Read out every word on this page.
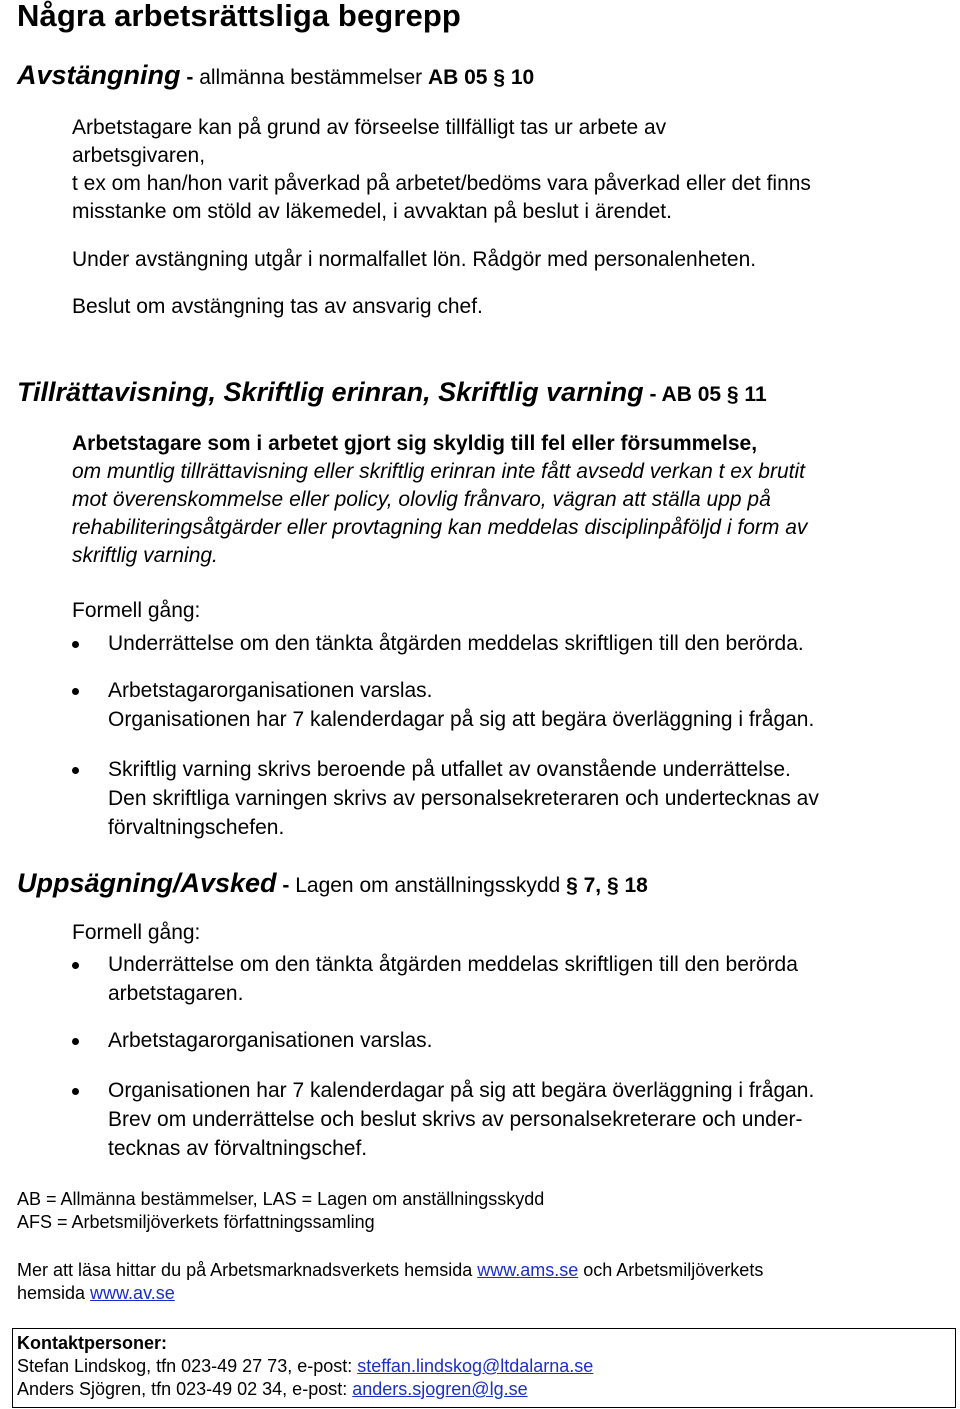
Några arbetsrättsliga begrepp
Avstängning - allmänna bestämmelser AB 05 § 10
Arbetstagare kan på grund av förseelse tillfälligt tas ur arbete av
arbetsgivaren,
t ex om han/hon varit påverkad på arbetet/bedöms vara påverkad eller det finns
misstanke om stöld av läkemedel, i avvaktan på beslut i ärendet.
Under avstängning utgår i normalfallet lön. Rådgör med personalenheten.
Beslut om avstängning tas av ansvarig chef.
Tillrättavisning, Skriftlig erinran, Skriftlig varning - AB 05 § 11
Arbetstagare som i arbetet gjort sig skyldig till fel eller försummelse,
om muntlig tillrättavisning eller skriftlig erinran inte fått avsedd verkan t ex brutit
mot överenskommelse eller policy, olovlig frånvaro, vägran att ställa upp på
rehabiliteringsåtgärder eller provtagning kan meddelas disciplinpåföljd i form av
skriftlig varning.
Formell gång:
Underrättelse om den tänkta åtgärden meddelas skriftligen till den berörda.
Arbetstagarorganisationen varslas.
Organisationen har 7 kalenderdagar på sig att begära överläggning i frågan.
Skriftlig varning skrivs beroende på utfallet av ovanstående underrättelse.
Den skriftliga varningen skrivs av personalsekreteraren och undertecknas av
förvaltningschefen.
Uppsägning/Avsked - Lagen om anställningsskydd § 7, § 18
Formell gång:
Underrättelse om den tänkta åtgärden meddelas skriftligen till den berörda
arbetstagaren.
Arbetstagarorganisationen varslas.
Organisationen har 7 kalenderdagar på sig att begära överläggning i frågan.
Brev om underrättelse och beslut skrivs av personalsekreterare och under-
tecknas av förvaltningschef.
AB = Allmänna bestämmelser, LAS = Lagen om anställningsskydd
AFS = Arbetsmiljöverkets författningssamling
Mer att läsa hittar du på Arbetsmarknadsverkets hemsida www.ams.se och Arbetsmiljöverkets
hemsida www.av.se
Kontaktpersoner:
Stefan Lindskog, tfn 023-49 27 73, e-post: steffan.lindskog@ltdalarna.se
Anders Sjögren, tfn 023-49 02 34, e-post: anders.sjogren@lg.se
